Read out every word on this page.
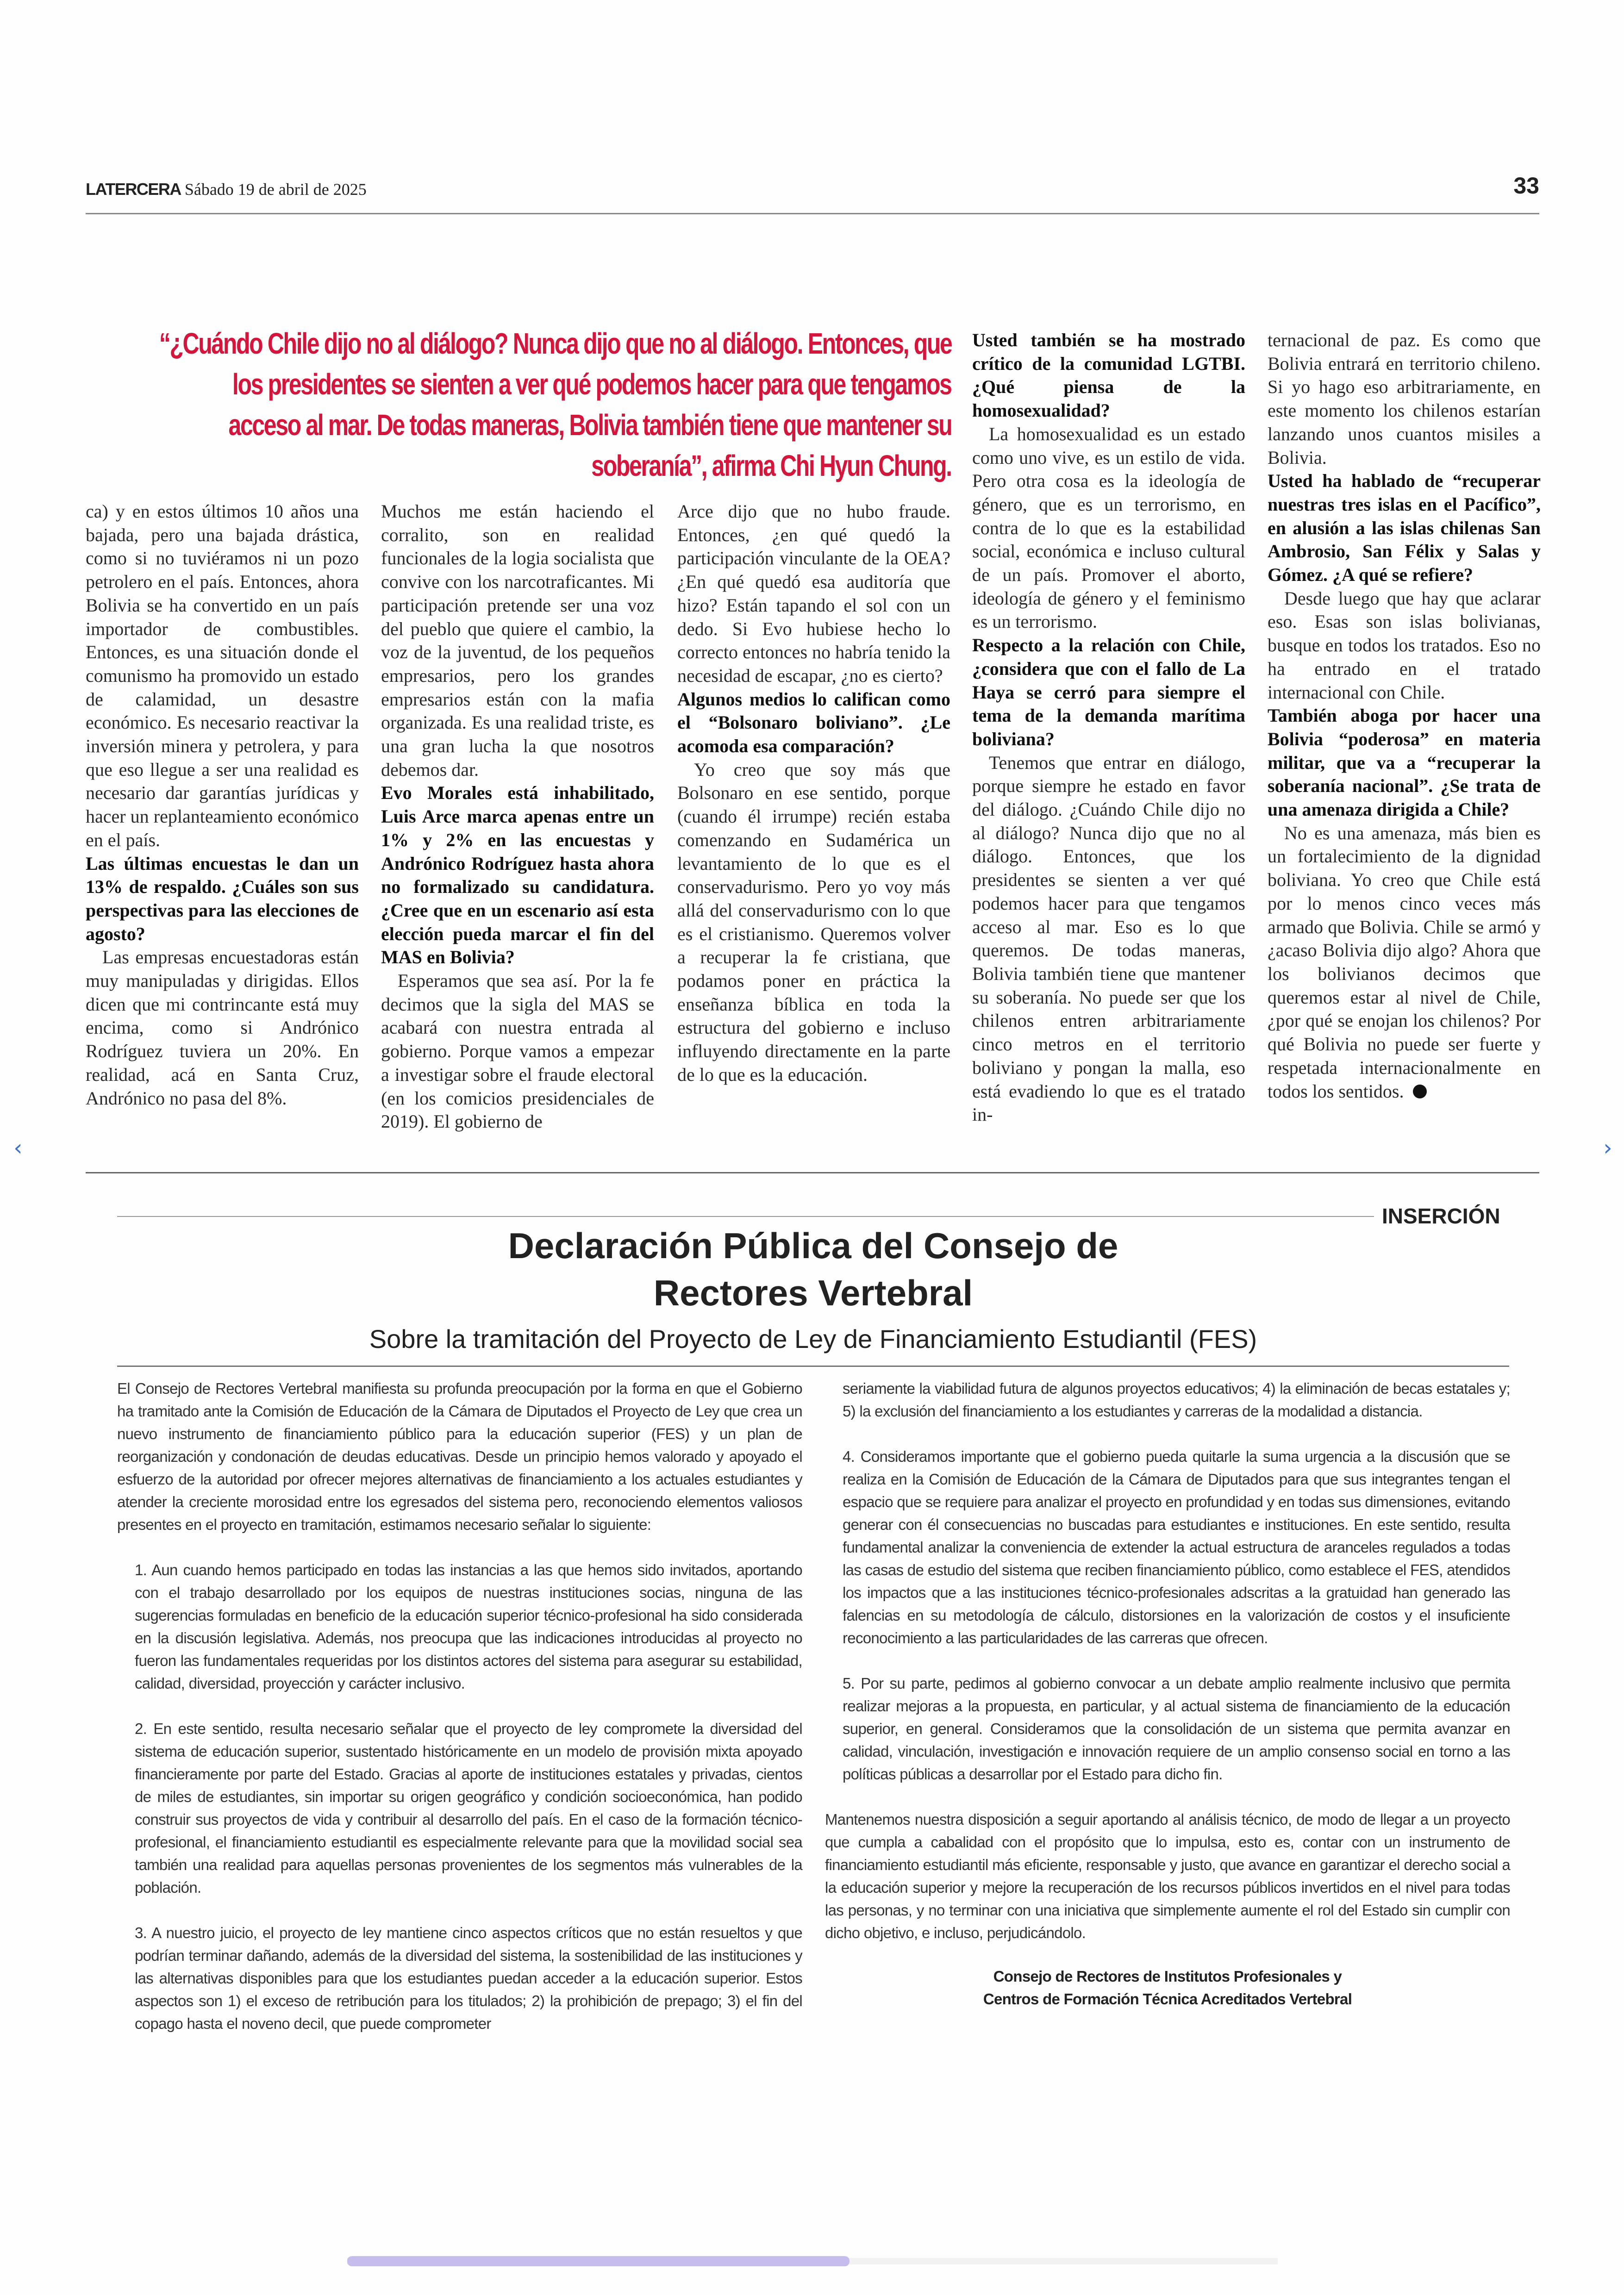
LATERCERA Sábado 19 de abril de 2025	33
“¿Cuándo Chile dijo no al diálogo? Nunca dijo que no al diálogo. Entonces, que
los presidentes se sienten a ver qué podemos hacer para que tengamos
acceso al mar. De todas maneras, Bolivia también tiene que mantener su
soberanía”, afirma Chi Hyun Chung.

ca) y en estos últimos 10 años una bajada, pero una bajada drástica, como si no tuviéramos ni un pozo petrolero en el país. Entonces, ahora Bolivia se ha convertido en un país importador de combustibles. Entonces, es una situación donde el comunismo ha promovido un estado de calamidad, un desastre económico. Es necesario reactivar la inversión minera y petrolera, y para que eso llegue a ser una realidad es necesario dar garantías jurídicas y hacer un replanteamiento económico en el país.

Las últimas encuestas le dan un 13% de respaldo. ¿Cuáles son sus perspectivas para las elecciones de agosto?

Las empresas encuestadoras están muy manipuladas y dirigidas. Ellos dicen que mi contrincante está muy encima, como si Andrónico Rodríguez tuviera un 20%. En realidad, acá en Santa Cruz, Andrónico no pasa del 8%.

Muchos me están haciendo el corralito, son en realidad funcionales de la logia socialista que convive con los narcotraficantes. Mi participación pretende ser una voz del pueblo que quiere el cambio, la voz de la juventud, de los pequeños empresarios, pero los grandes empresarios están con la mafia organizada. Es una realidad triste, es una gran lucha la que nosotros debemos dar.

Evo Morales está inhabilitado, Luis Arce marca apenas entre un 1% y 2% en las encuestas y Andrónico Rodríguez hasta ahora no formalizado su candidatura. ¿Cree que en un escenario así esta elección pueda marcar el fin del MAS en Bolivia?

Esperamos que sea así. Por la fe decimos que la sigla del MAS se acabará con nuestra entrada al gobierno. Porque vamos a empezar a investigar sobre el fraude electoral (en los comicios presidenciales de 2019). El gobierno de

Arce dijo que no hubo fraude. Entonces, ¿en qué quedó la participación vinculante de la OEA? ¿En qué quedó esa auditoría que hizo? Están tapando el sol con un dedo. Si Evo hubiese hecho lo correcto entonces no habría tenido la necesidad de escapar, ¿no es cierto?

Algunos medios lo califican como el “Bolsonaro boliviano”. ¿Le acomoda esa comparación?

Yo creo que soy más que Bolsonaro en ese sentido, porque (cuando él irrumpe) recién estaba comenzando en Sudamérica un levantamiento de lo que es el conservadurismo. Pero yo voy más allá del conservadurismo con lo que es el cristianismo. Queremos volver a recuperar la fe cristiana, que podamos poner en práctica la enseñanza bíblica en toda la estructura del gobierno e incluso influyendo directamente en la parte de lo que es la educación.

Usted también se ha mostrado crítico de la comunidad LGTBI. ¿Qué piensa de la homosexualidad?

La homosexualidad es un estado como uno vive, es un estilo de vida. Pero otra cosa es la ideología de género, que es un terrorismo, en contra de lo que es la estabilidad social, económica e incluso cultural de un país. Promover el aborto, ideología de género y el feminismo es un terrorismo.

Respecto a la relación con Chile, ¿considera que con el fallo de La Haya se cerró para siempre el tema de la demanda marítima boliviana?

Tenemos que entrar en diálogo, porque siempre he estado en favor del diálogo. ¿Cuándo Chile dijo no al diálogo? Nunca dijo que no al diálogo. Entonces, que los presidentes se sienten a ver qué podemos hacer para que tengamos acceso al mar. Eso es lo que queremos. De todas maneras, Bolivia también tiene que mantener su soberanía. No puede ser que los chilenos entren arbitrariamente cinco metros en el territorio boliviano y pongan la malla, eso está evadiendo lo que es el tratado in-

ternacional de paz. Es como que Bolivia entrará en territorio chileno. Si yo hago eso arbitrariamente, en este momento los chilenos estarían lanzando unos cuantos misiles a Bolivia.

Usted ha hablado de “recuperar nuestras tres islas en el Pacífico”, en alusión a las islas chilenas San Ambrosio, San Félix y Salas y Gómez. ¿A qué se refiere?

Desde luego que hay que aclarar eso. Esas son islas bolivianas, busque en todos los tratados. Eso no ha entrado en el tratado internacional con Chile.

También aboga por hacer una Bolivia “poderosa” en materia militar, que va a “recuperar la soberanía nacional”. ¿Se trata de una amenaza dirigida a Chile?

No es una amenaza, más bien es un fortalecimiento de la dignidad boliviana. Yo creo que Chile está por lo menos cinco veces más armado que Bolivia. Chile se armó y ¿acaso Bolivia dijo algo? Ahora que los bolivianos decimos que queremos estar al nivel de Chile, ¿por qué se enojan los chilenos? Por qué Bolivia no puede ser fuerte y respetada internacionalmente en todos los sentidos.

‹	›
INSERCIÓN
Declaración Pública del Consejo de
Rectores Vertebral
Sobre la tramitación del Proyecto de Ley de Financiamiento Estudiantil (FES)

El Consejo de Rectores Vertebral manifiesta su profunda preocupación por la forma en que el Gobierno ha tramitado ante la Comisión de Educación de la Cámara de Diputados el Proyecto de Ley que crea un nuevo instrumento de financiamiento público para la educación superior (FES) y un plan de reorganización y condonación de deudas educativas. Desde un principio hemos valorado y apoyado el esfuerzo de la autoridad por ofrecer mejores alternativas de financiamiento a los actuales estudiantes y atender la creciente morosidad entre los egresados del sistema pero, reconociendo elementos valiosos presentes en el proyecto en tramitación, estimamos necesario señalar lo siguiente:

1. Aun cuando hemos participado en todas las instancias a las que hemos sido invitados, aportando con el trabajo desarrollado por los equipos de nuestras instituciones socias, ninguna de las sugerencias formuladas en beneficio de la educación superior técnico-profesional ha sido considerada en la discusión legislativa. Además, nos preocupa que las indicaciones introducidas al proyecto no fueron las fundamentales requeridas por los distintos actores del sistema para asegurar su estabilidad, calidad, diversidad, proyección y carácter inclusivo.

2. En este sentido, resulta necesario señalar que el proyecto de ley compromete la diversidad del sistema de educación superior, sustentado históricamente en un modelo de provisión mixta apoyado financieramente por parte del Estado. Gracias al aporte de instituciones estatales y privadas, cientos de miles de estudiantes, sin importar su origen geográfico y condición socioeconómica, han podido construir sus proyectos de vida y contribuir al desarrollo del país. En el caso de la formación técnico-profesional, el financiamiento estudiantil es especialmente relevante para que la movilidad social sea también una realidad para aquellas personas provenientes de los segmentos más vulnerables de la población.

3. A nuestro juicio, el proyecto de ley mantiene cinco aspectos críticos que no están resueltos y que podrían terminar dañando, además de la diversidad del sistema, la sostenibilidad de las instituciones y las alternativas disponibles para que los estudiantes puedan acceder a la educación superior. Estos aspectos son 1) el exceso de retribución para los titulados; 2) la prohibición de prepago; 3) el fin del copago hasta el noveno decil, que puede comprometer

seriamente la viabilidad futura de algunos proyectos educativos; 4) la eliminación de becas estatales y; 5) la exclusión del financiamiento a los estudiantes y carreras de la modalidad a distancia.

4. Consideramos importante que el gobierno pueda quitarle la suma urgencia a la discusión que se realiza en la Comisión de Educación de la Cámara de Diputados para que sus integrantes tengan el espacio que se requiere para analizar el proyecto en profundidad y en todas sus dimensiones, evitando generar con él consecuencias no buscadas para estudiantes e instituciones. En este sentido, resulta fundamental analizar la conveniencia de extender la actual estructura de aranceles regulados a todas las casas de estudio del sistema que reciben financiamiento público, como establece el FES, atendidos los impactos que a las instituciones técnico-profesionales adscritas a la gratuidad han generado las falencias en su metodología de cálculo, distorsiones en la valorización de costos y el insuficiente reconocimiento a las particularidades de las carreras que ofrecen.

5. Por su parte, pedimos al gobierno convocar a un debate amplio realmente inclusivo que permita realizar mejoras a la propuesta, en particular, y al actual sistema de financiamiento de la educación superior, en general. Consideramos que la consolidación de un sistema que permita avanzar en calidad, vinculación, investigación e innovación requiere de un amplio consenso social en torno a las políticas públicas a desarrollar por el Estado para dicho fin.

Mantenemos nuestra disposición a seguir aportando al análisis técnico, de modo de llegar a un proyecto que cumpla a cabalidad con el propósito que lo impulsa, esto es, contar con un instrumento de financiamiento estudiantil más eficiente, responsable y justo, que avance en garantizar el derecho social a la educación superior y mejore la recuperación de los recursos públicos invertidos en el nivel para todas las personas, y no terminar con una iniciativa que simplemente aumente el rol del Estado sin cumplir con dicho objetivo, e incluso, perjudicándolo.

Consejo de Rectores de Institutos Profesionales y
Centros de Formación Técnica Acreditados Vertebral
